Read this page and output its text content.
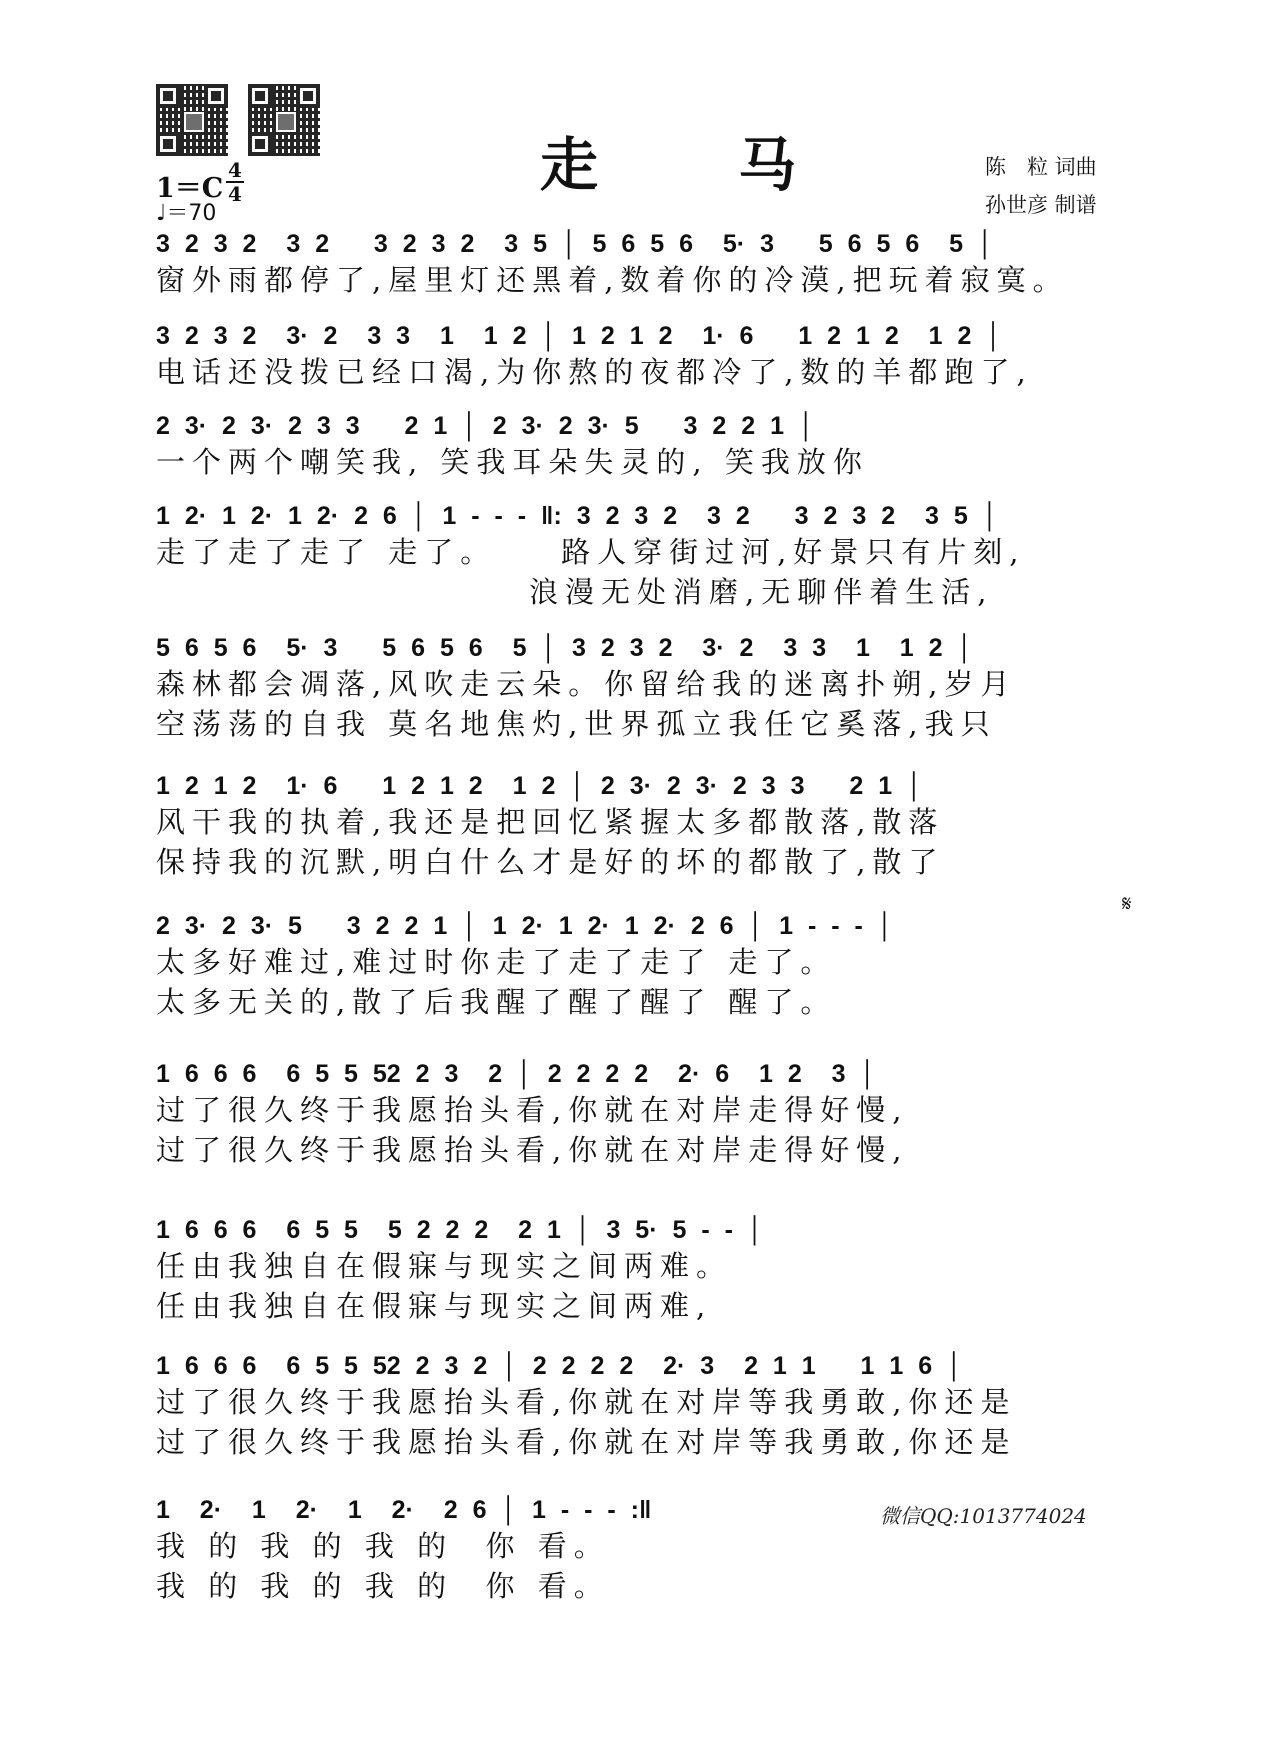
走 马	陈　粒 词曲
孙世彦 制谱
1＝C
4
4
♩＝70
3 2 3 2  3 2   3 2 3 2  3 5 │ 5 6 5 6  5· 3   5 6 5 6  5 │
窗外雨都停了,屋里灯还黑着,数着你的冷漠,把玩着寂寞。
3 2 3 2  3· 2  3 3  1  1 2 │ 1 2 1 2  1· 6   1 2 1 2  1 2 │
电话还没拨已经口渴,为你熬的夜都冷了,数的羊都跑了,
2 3· 2 3· 2 3 3   2 1 │ 2 3· 2 3· 5   3 2 2 1 │
一个两个嘲笑我, 笑我耳朵失灵的, 笑我放你
1 2· 1 2· 1 2· 2 6 │ 1 - - - ‖: 3 2 3 2  3 2   3 2 3 2  3 5 │
走了走了走了 走了。    路人穿街过河,好景只有片刻,
浪漫无处消磨,无聊伴着生活,
5 6 5 6  5· 3   5 6 5 6  5 │ 3 2 3 2  3· 2  3 3  1  1 2 │
森林都会凋落,风吹走云朵。你留给我的迷离扑朔,岁月
空荡荡的自我 莫名地焦灼,世界孤立我任它奚落,我只
1 2 1 2  1· 6   1 2 1 2  1 2 │ 2 3· 2 3· 2 3 3   2 1 │
风干我的执着,我还是把回忆紧握太多都散落,散落
保持我的沉默,明白什么才是好的坏的都散了,散了
2 3· 2 3· 5   3 2 2 1 │ 1 2· 1 2· 1 2· 2 6 │ 1 - - - │
太多好难过,难过时你走了走了走了 走了。
太多无关的,散了后我醒了醒了醒了 醒了。
𝄋
1 6 6 6  6 5 5 52 2 3  2 │ 2 2 2 2  2· 6  1 2  3 │
过了很久终于我愿抬头看,你就在对岸走得好慢,
过了很久终于我愿抬头看,你就在对岸走得好慢,
1 6 6 6  6 5 5  5 2 2 2  2 1 │ 3 5· 5 - - │
任由我独自在假寐与现实之间两难。
任由我独自在假寐与现实之间两难,
1 6 6 6  6 5 5 52 2 3 2 │ 2 2 2 2  2· 3  2 1 1   1 1 6 │
过了很久终于我愿抬头看,你就在对岸等我勇敢,你还是
过了很久终于我愿抬头看,你就在对岸等我勇敢,你还是
1  2·  1  2·  1  2·  2 6 │ 1 - - - :‖
我 的 我 的 我 的  你 看。
我 的 我 的 我 的  你 看。
微信QQ:1013774024
